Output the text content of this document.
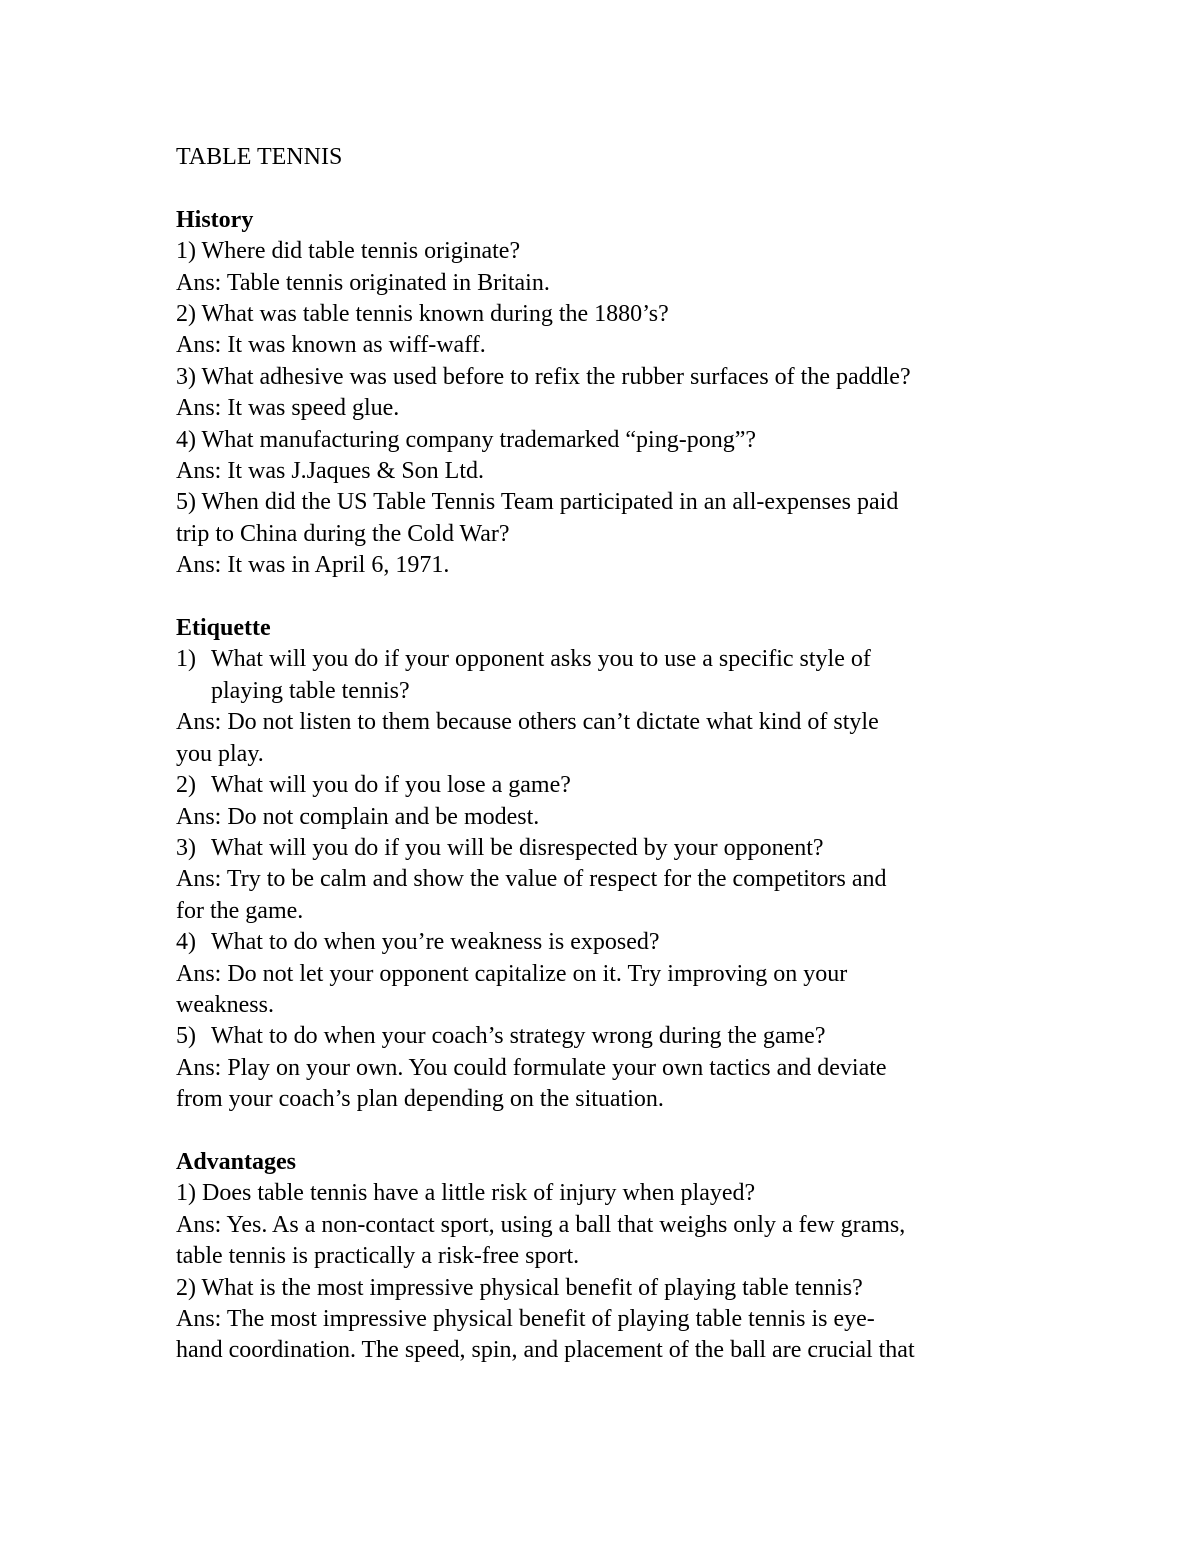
TABLE TENNIS
History
1) Where did table tennis originate?
Ans: Table tennis originated in Britain.
2) What was table tennis known during the 1880’s?
Ans: It was known as wiff-waff.
3) What adhesive was used before to refix the rubber surfaces of the paddle?
Ans: It was speed glue.
4) What manufacturing company trademarked “ping-pong”?
Ans: It was J.Jaques & Son Ltd.
5) When did the US Table Tennis Team participated in an all-expenses paid
trip to China during the Cold War?
Ans: It was in April 6, 1971.
Etiquette
1) What will you do if your opponent asks you to use a specific style of
playing table tennis?
Ans: Do not listen to them because others can’t dictate what kind of style
you play.
2) What will you do if you lose a game?
Ans: Do not complain and be modest.
3) What will you do if you will be disrespected by your opponent?
Ans: Try to be calm and show the value of respect for the competitors and
for the game.
4) What to do when you’re weakness is exposed?
Ans: Do not let your opponent capitalize on it. Try improving on your
weakness.
5) What to do when your coach’s strategy wrong during the game?
Ans: Play on your own. You could formulate your own tactics and deviate
from your coach’s plan depending on the situation.
Advantages
1) Does table tennis have a little risk of injury when played?
Ans: Yes. As a non-contact sport, using a ball that weighs only a few grams,
table tennis is practically a risk-free sport.
2) What is the most impressive physical benefit of playing table tennis?
Ans: The most impressive physical benefit of playing table tennis is eye-
hand coordination. The speed, spin, and placement of the ball are crucial that
